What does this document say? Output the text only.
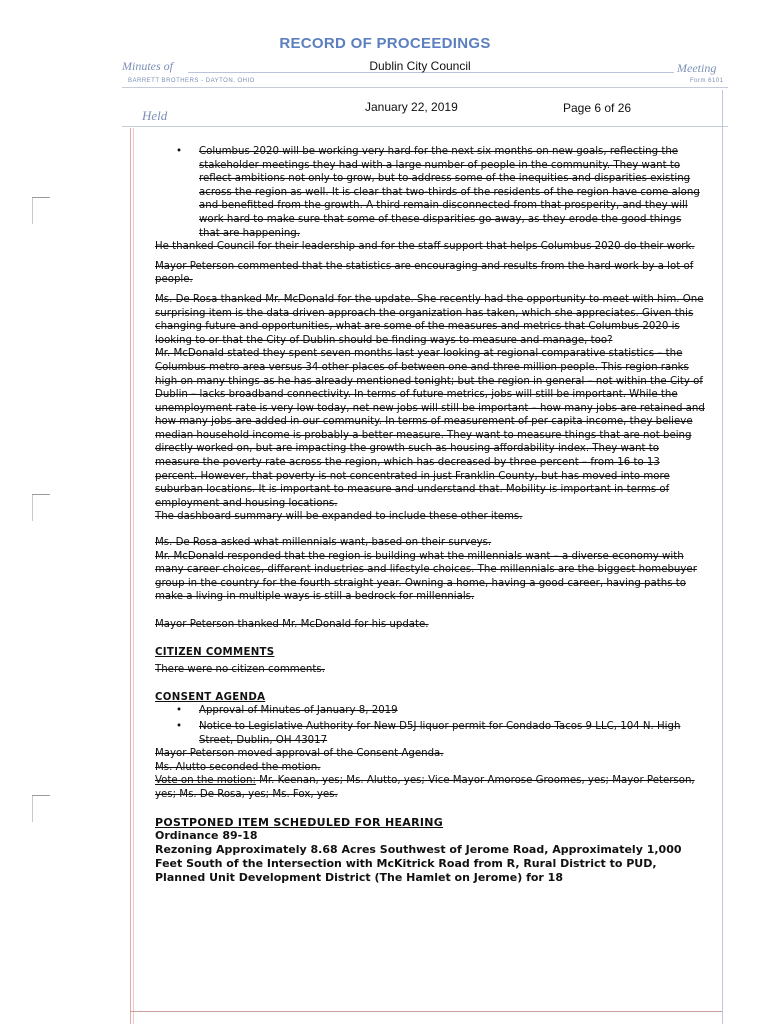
RECORD OF PROCEEDINGS
Minutes of	Dublin City Council	Meeting
BARRETT BROTHERS - DAYTON, OHIO	Form 6101
Held
January 22, 2019	Page 6 of 26
• Columbus 2020 will be working very hard for the next six months on new goals, reflecting the stakeholder meetings they had with a large number of people in the community. They want to reflect ambitions not only to grow, but to address some of the inequities and disparities existing across the region as well. It is clear that two-thirds of the residents of the region have come along and benefitted from the growth. A third remain disconnected from that prosperity, and they will work hard to make sure that some of these disparities go away, as they erode the good things that are happening.

He thanked Council for their leadership and for the staff support that helps Columbus 2020 do their work.

Mayor Peterson commented that the statistics are encouraging and results from the hard work by a lot of people.

Ms. De Rosa thanked Mr. McDonald for the update. She recently had the opportunity to meet with him. One surprising item is the data driven approach the organization has taken, which she appreciates. Given this changing future and opportunities, what are some of the measures and metrics that Columbus 2020 is looking to or that the City of Dublin should be finding ways to measure and manage, too?

Mr. McDonald stated they spent seven months last year looking at regional comparative statistics – the Columbus metro area versus 34 other places of between one and three million people. This region ranks high on many things as he has already mentioned tonight; but the region in general – not within the City of Dublin – lacks broadband connectivity. In terms of future metrics, jobs will still be important. While the unemployment rate is very low today, net new jobs will still be important – how many jobs are retained and how many jobs are added in our community. In terms of measurement of per capita income, they believe median household income is probably a better measure. They want to measure things that are not being directly worked on, but are impacting the growth such as housing affordability index. They want to measure the poverty rate across the region, which has decreased by three percent – from 16 to 13 percent. However, that poverty is not concentrated in just Franklin County, but has moved into more suburban locations. It is important to measure and understand that. Mobility is important in terms of employment and housing locations.

The dashboard summary will be expanded to include these other items.

Ms. De Rosa asked what millennials want, based on their surveys.

Mr. McDonald responded that the region is building what the millennials want – a diverse economy with many career choices, different industries and lifestyle choices. The millennials are the biggest homebuyer group in the country for the fourth straight year. Owning a home, having a good career, having paths to make a living in multiple ways is still a bedrock for millennials.

Mayor Peterson thanked Mr. McDonald for his update.

CITIZEN COMMENTS

There were no citizen comments.

CONSENT AGENDA

• Approval of Minutes of January 8, 2019
• Notice to Legislative Authority for New D5J liquor permit for Condado Tacos 9 LLC, 104 N. High Street, Dublin, OH 43017

Mayor Peterson moved approval of the Consent Agenda.

Ms. Alutto seconded the motion.

Vote on the motion: Mr. Keenan, yes; Ms. Alutto, yes; Vice Mayor Amorose Groomes, yes; Mayor Peterson, yes; Ms. De Rosa, yes; Ms. Fox, yes.

POSTPONED ITEM SCHEDULED FOR HEARING

Ordinance 89-18

Rezoning Approximately 8.68 Acres Southwest of Jerome Road, Approximately 1,000 Feet South of the Intersection with McKitrick Road from R, Rural District to PUD, Planned Unit Development District (The Hamlet on Jerome) for 18
